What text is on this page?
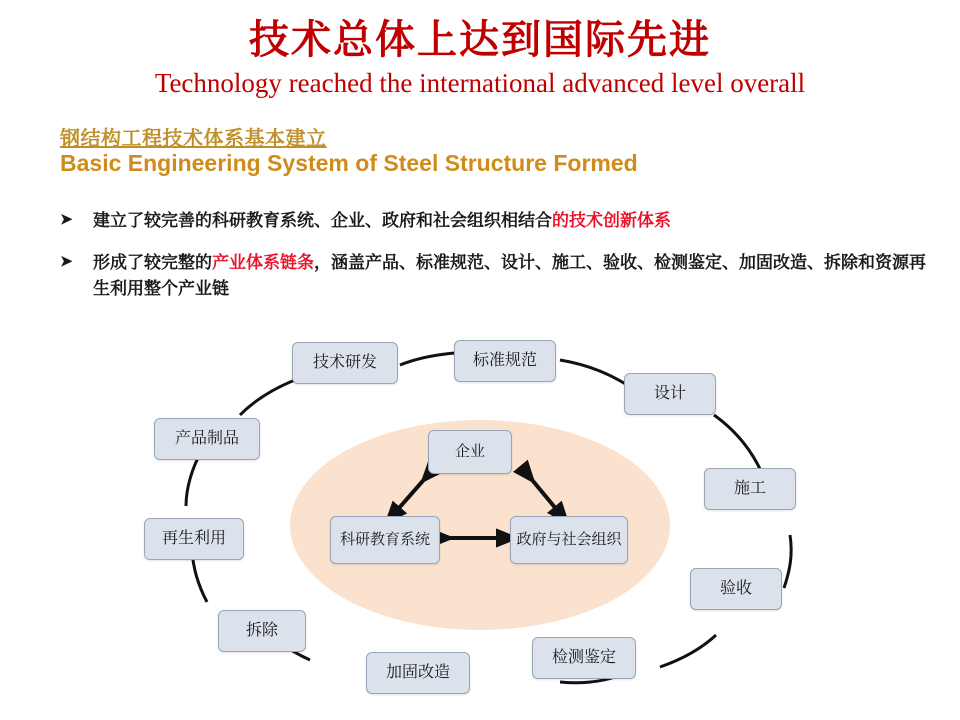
技术总体上达到国际先进
Technology reached the international advanced level overall
钢结构工程技术体系基本建立
Basic Engineering System of Steel Structure Formed
➤ 建立了较完善的科研教育系统、企业、政府和社会组织相结合的技术创新体系
➤ 形成了较完整的产业体系链条，涵盖产品、标准规范、设计、施工、验收、检测鉴定、加固改造、拆除和资源再生利用整个产业链
标准规范
设计
施工
验收
检测鉴定
加固改造
拆除
再生利用
产品制品
技术研发
企业
科研教育系统	政府与社会组织
